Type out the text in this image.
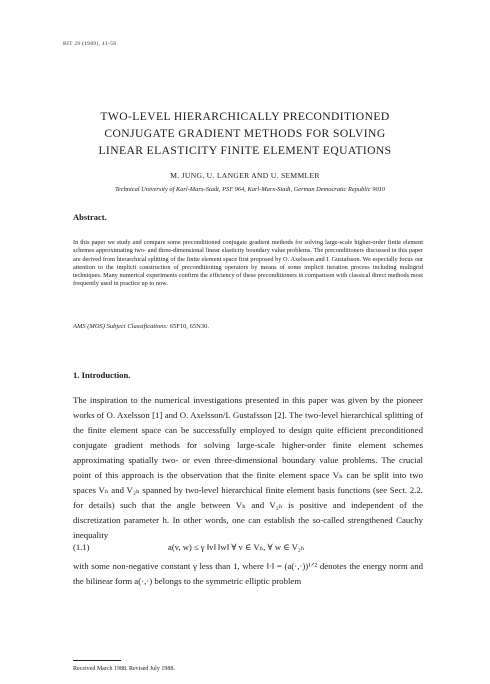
BIT 29 (1989), 41-58
TWO-LEVEL HIERARCHICALLY PRECONDITIONED
CONJUGATE GRADIENT METHODS FOR SOLVING
LINEAR ELASTICITY FINITE ELEMENT EQUATIONS
M. JUNG, U. LANGER AND U. SEMMLER
Technical University of Karl-Marx-Stadt, PSF 964, Karl-Marx-Stadt, German Democratic Republic 9010
Abstract.
In this paper we study and compare some preconditioned conjugate gradient methods for solving large-scale higher-order finite element schemes approximating two- and three-dimensional linear elasticity boundary value problems. The preconditioners discussed in this paper are derived from hierarchical splitting of the finite element space first proposed by O. Axelsson and I. Gustafsson. We especially focus our attention to the implicit construction of preconditioning operators by means of some implicit iteration process including multigrid techniques. Many numerical experiments confirm the efficiency of these preconditioners in comparison with classical direct methods most frequently used in practice up to now.
AMS (MOS) Subject Classifications: 65F10, 65N30.
1. Introduction.
The inspiration to the numerical investigations presented in this paper was given by the pioneer works of O. Axelsson [1] and O. Axelsson/I. Gustafsson [2]. The two-level hierarchical splitting of the finite element space can be successfully employed to design quite efficient preconditioned conjugate gradient methods for solving large-scale higher-order finite element schemes approximating spatially two- or even three-dimensional boundary value problems. The crucial point of this approach is the observation that the finite element space Vₕ can be split into two spaces Vₕ and V₂ₕ spanned by two-level hierarchical finite element basis functions (see Sect. 2.2. for details) such that the angle between Vₕ and V₂ₕ is positive and independent of the discretization parameter h. In other words, one can establish the so-called strengthened Cauchy inequality
(1.1)	a(v, w) ≤ γ ‖v‖ ‖w‖ ∀ v ∈ Vₕ, ∀ w ∈ V₂ₕ
with some non-negative constant γ less than 1, where ‖·‖ = (a(·,·))¹ᐟ² denotes the energy norm and the bilinear form a(·,·) belongs to the symmetric elliptic problem
Received March 1988. Revised July 1988.
